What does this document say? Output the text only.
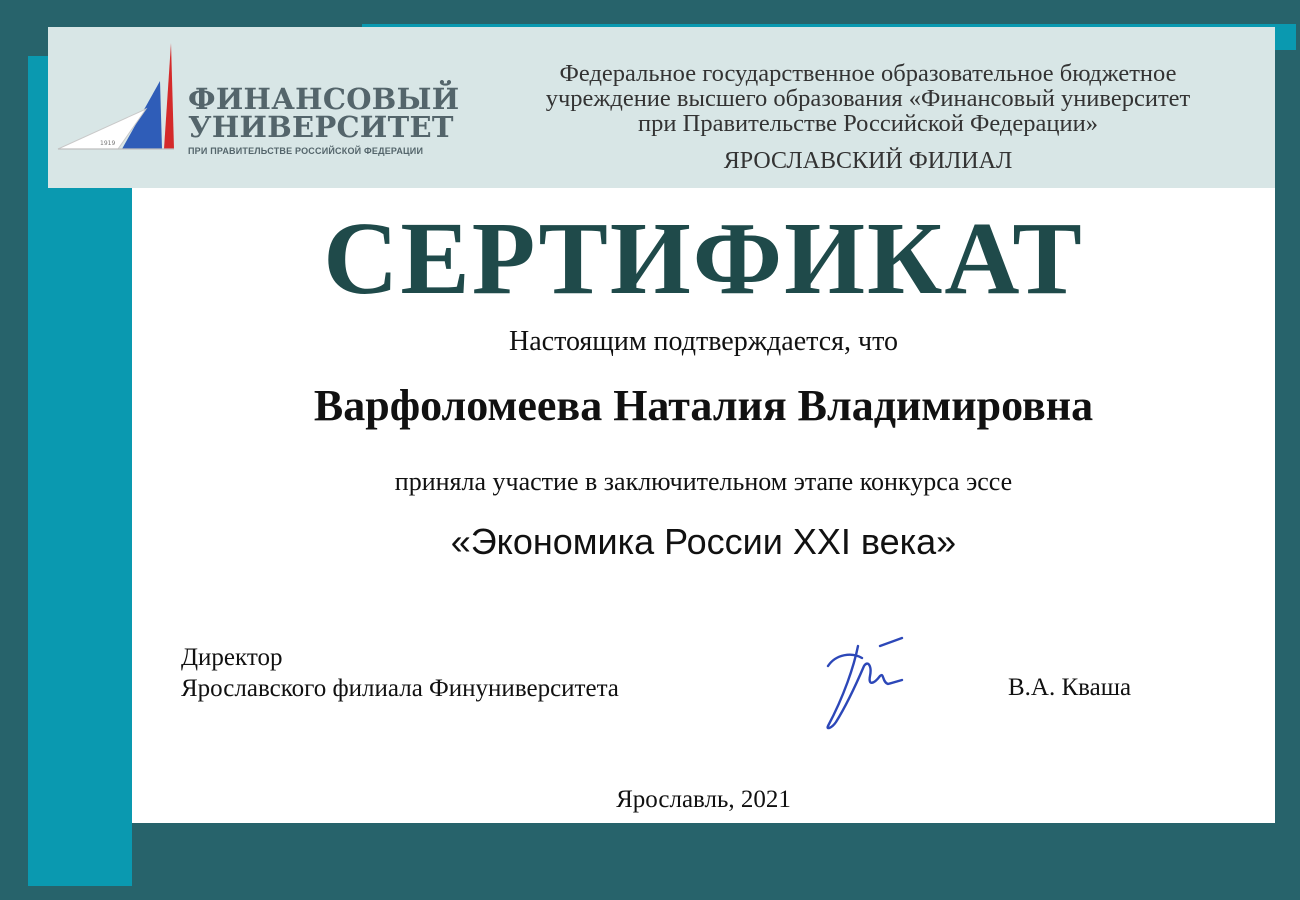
1919
ФИНАНСОВЫЙ
УНИВЕРСИТЕТ
ПРИ ПРАВИТЕЛЬСТВЕ РОССИЙСКОЙ ФЕДЕРАЦИИ
Федеральное государственное образовательное бюджетное
учреждение высшего образования «Финансовый университет
при Правительстве Российской Федерации»
ЯРОСЛАВСКИЙ ФИЛИАЛ
СЕРТИФИКАТ
Настоящим подтверждается, что
Варфоломеева Наталия Владимировна
приняла участие в заключительном этапе конкурса эссе
«Экономика России XXI века»
Директор
Ярославского филиала Финуниверситета	В.А. Кваша
Ярославль, 2021
